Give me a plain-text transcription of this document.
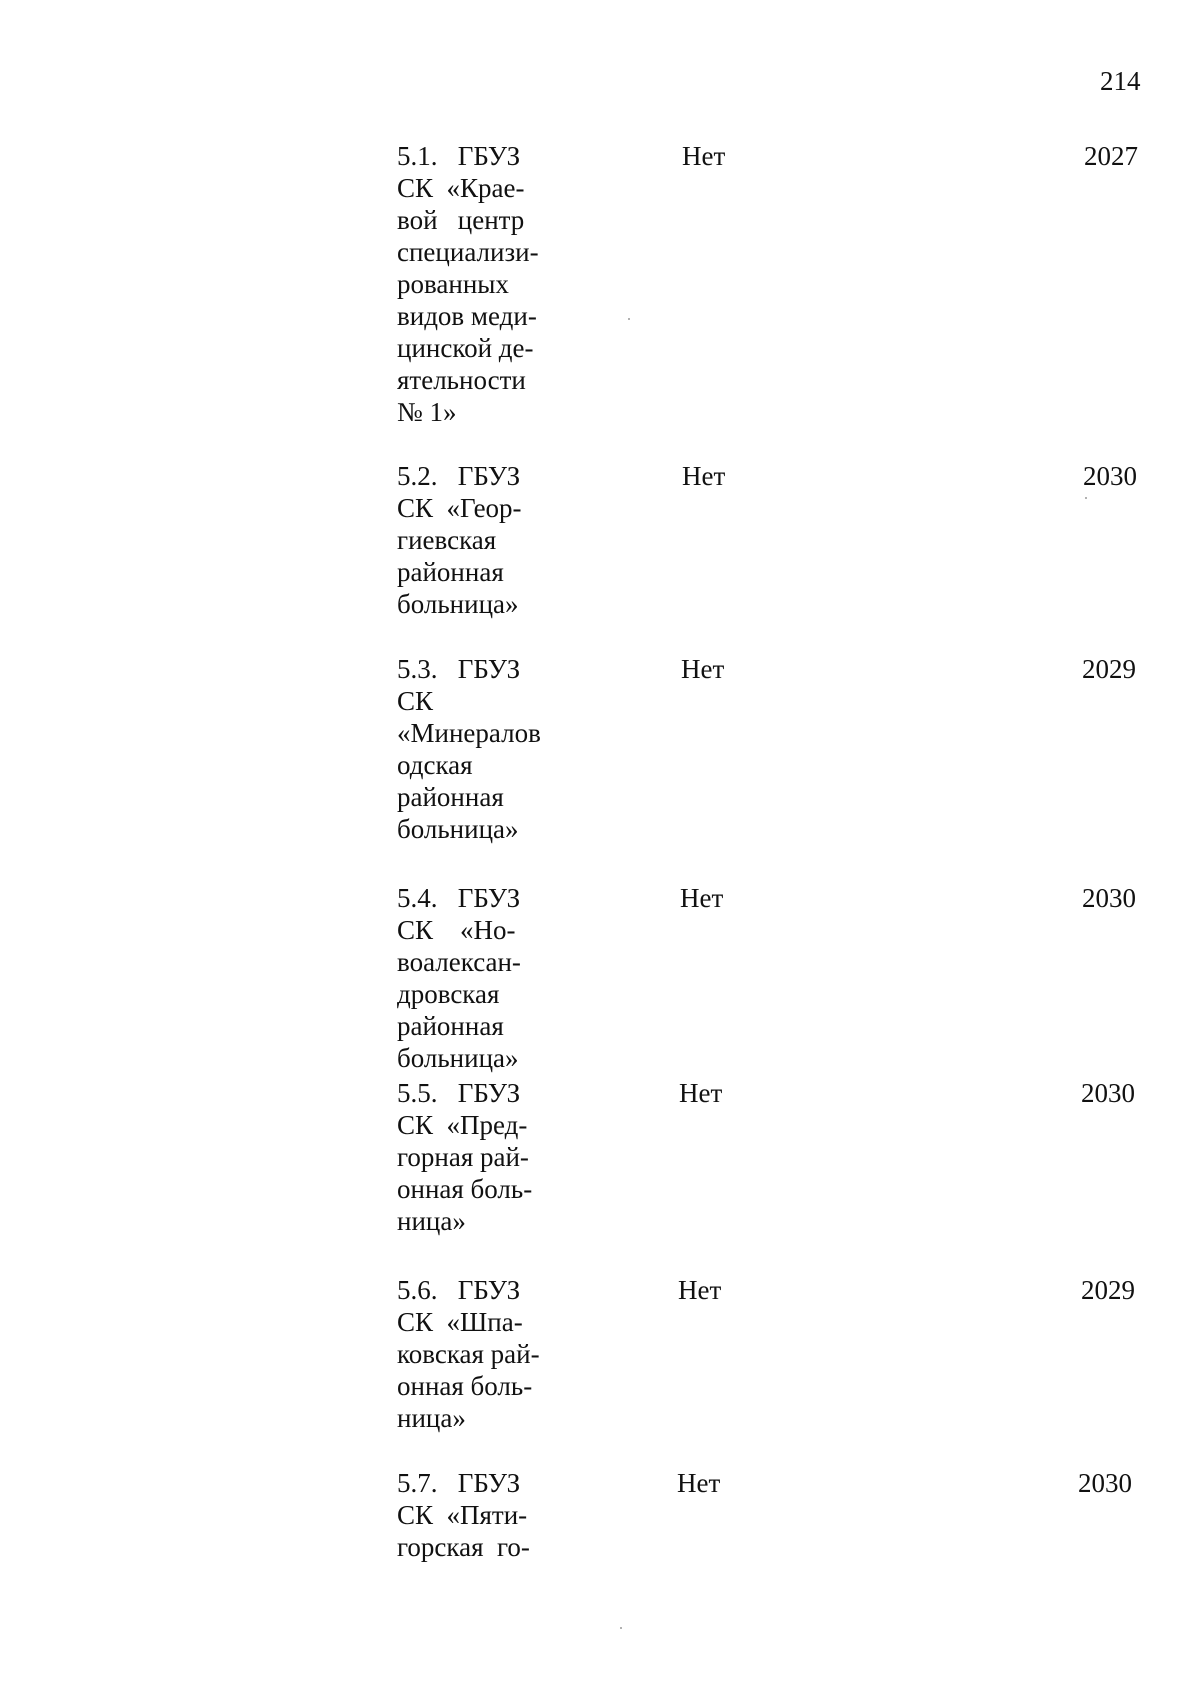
214
5.1.   ГБУЗ
СК  «Крае-
вой   центр
специализи-
рованных
видов меди-
цинской де-
ятельности
№ 1»
Нет	2027
5.2.   ГБУЗ
СК  «Геор-
гиевская
районная
больница»
Нет	2030
5.3.   ГБУЗ
СК
«Минералов
одская
районная
больница»
Нет	2029
5.4.   ГБУЗ
СК    «Но-
воалексан-
дровская
районная
больница»
Нет	2030
5.5.   ГБУЗ
СК  «Пред-
горная рай-
онная боль-
ница»
Нет	2030
5.6.   ГБУЗ
СК  «Шпа-
ковская рай-
онная боль-
ница»
Нет	2029
5.7.   ГБУЗ
СК  «Пяти-
горская  го-
Нет	2030
